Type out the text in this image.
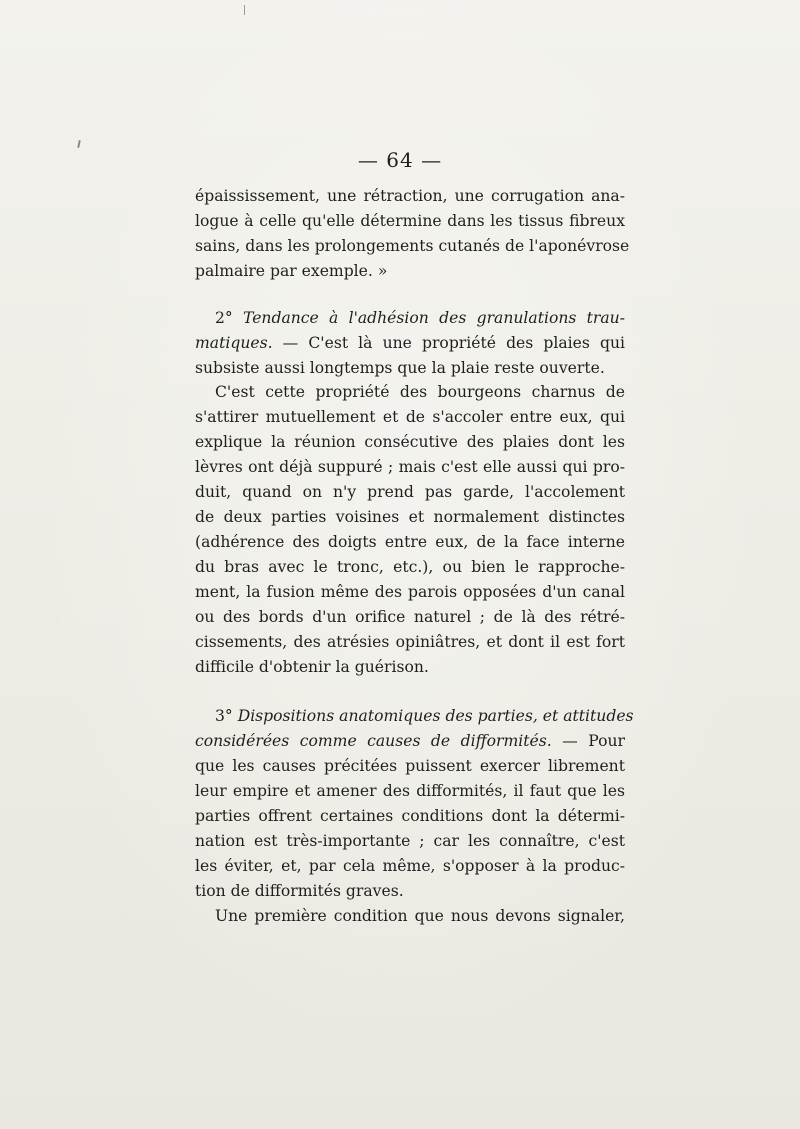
— 64 —
épaississement, une rétraction, une corrugation ana-
logue à celle qu'elle détermine dans les tissus fibreux
sains, dans les prolongements cutanés de l'aponévrose
palmaire par exemple. »
2° Tendance à l'adhésion des granulations trau-
matiques. — C'est là une propriété des plaies qui
subsiste aussi longtemps que la plaie reste ouverte.
C'est cette propriété des bourgeons charnus de
s'attirer mutuellement et de s'accoler entre eux, qui
explique la réunion consécutive des plaies dont les
lèvres ont déjà suppuré ; mais c'est elle aussi qui pro-
duit, quand on n'y prend pas garde, l'accolement
de deux parties voisines et normalement distinctes
(adhérence des doigts entre eux, de la face interne
du bras avec le tronc, etc.), ou bien le rapproche-
ment, la fusion même des parois opposées d'un canal
ou des bords d'un orifice naturel ; de là des rétré-
cissements, des atrésies opiniâtres, et dont il est fort
difficile d'obtenir la guérison.
3° Dispositions anatomiques des parties, et attitudes
considérées comme causes de difformités. — Pour
que les causes précitées puissent exercer librement
leur empire et amener des difformités, il faut que les
parties offrent certaines conditions dont la détermi-
nation est très-importante ; car les connaître, c'est
les éviter, et, par cela même, s'opposer à la produc-
tion de difformités graves.
Une première condition que nous devons signaler,
